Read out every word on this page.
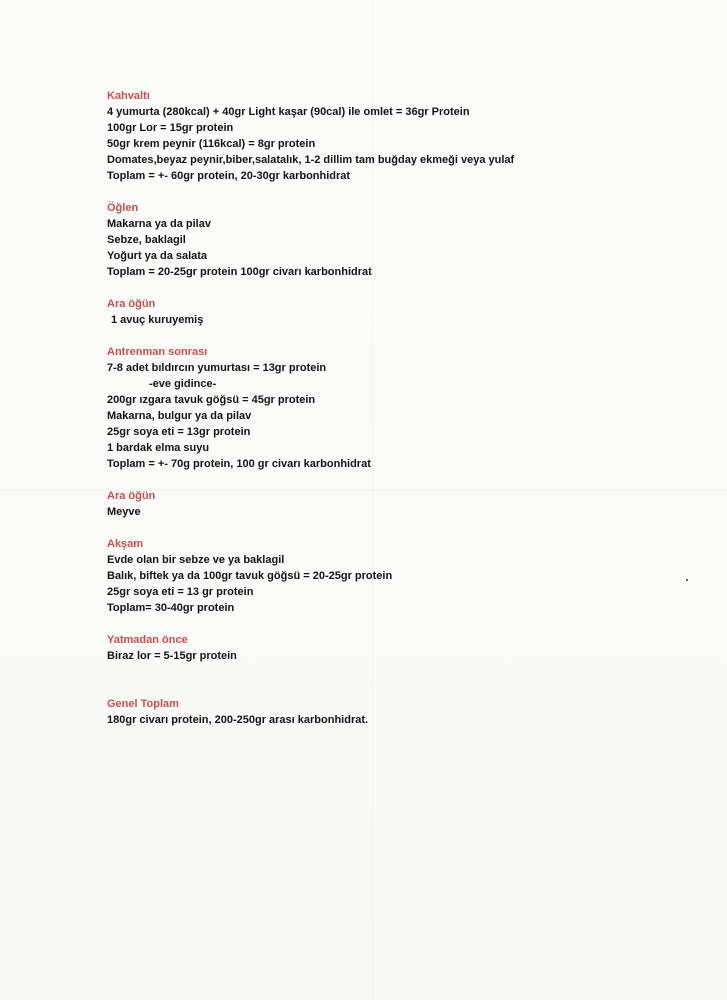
Kahvaltı
4 yumurta (280kcal) + 40gr Light kaşar (90cal) ile omlet = 36gr Protein
100gr Lor = 15gr protein
50gr krem peynir (116kcal) = 8gr protein
Domates,beyaz peynir,biber,salatalık, 1-2 dillim tam buğday ekmeği veya yulaf
Toplam = +- 60gr protein, 20-30gr karbonhidrat
Öğlen
Makarna ya da pilav
Sebze, baklagil
Yoğurt ya da salata
Toplam = 20-25gr protein 100gr civarı karbonhidrat
Ara öğün
1 avuç kuruyemiş
Antrenman sonrası
7-8 adet bıldırcın yumurtası = 13gr protein
-eve gidince-
200gr ızgara tavuk göğsü = 45gr protein
Makarna, bulgur ya da pilav
25gr soya eti = 13gr protein
1 bardak elma suyu
Toplam = +- 70g protein, 100 gr civarı karbonhidrat
Ara öğün
Meyve
Akşam
Evde olan bir sebze ve ya baklagil
Balık, biftek ya da 100gr tavuk göğsü = 20-25gr protein
25gr soya eti = 13 gr protein
Toplam= 30-40gr protein
Yatmadan önce
Biraz lor = 5-15gr protein
Genel Toplam
180gr civarı protein, 200-250gr arası karbonhidrat.
